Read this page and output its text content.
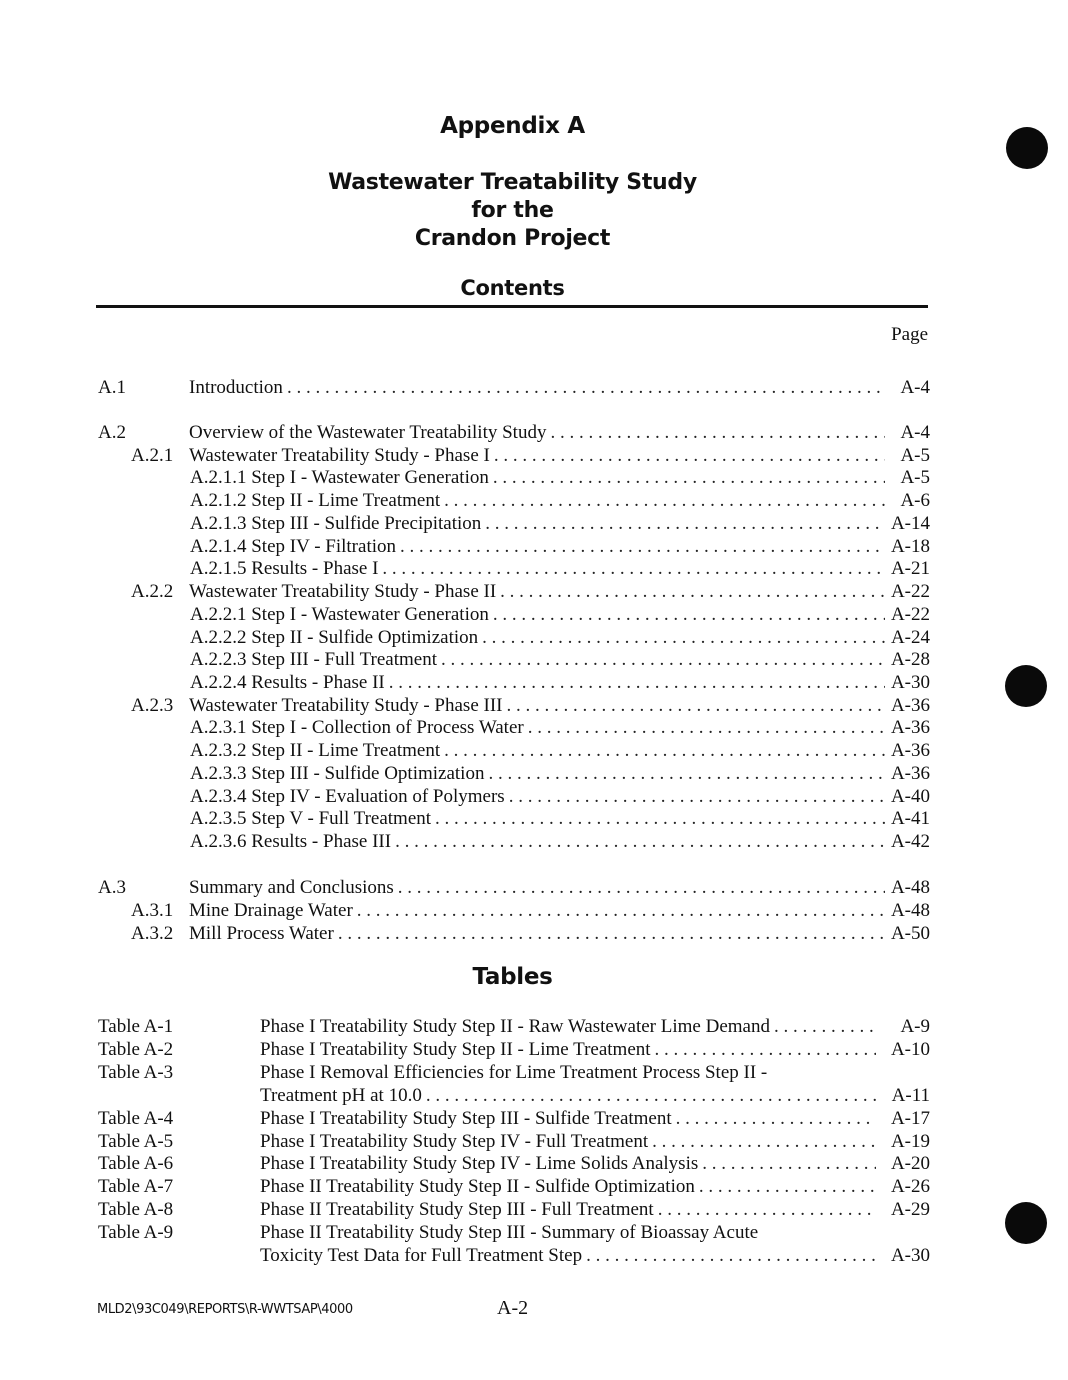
Appendix A
Wastewater Treatability Study
for the
Crandon Project
Contents
Page
A.1	Introduction . . .	A-4
A.2	Overview of the Wastewater Treatability Study . . .	A-4
A.2.1 Wastewater Treatability Study - Phase I . . .	A-5
A.2.1.1 Step I - Wastewater Generation . . .	A-5
A.2.1.2 Step II - Lime Treatment . . .	A-6
A.2.1.3 Step III - Sulfide Precipitation . . .	A-14
A.2.1.4 Step IV - Filtration . . .	A-18
A.2.1.5 Results - Phase I . . .	A-21
A.2.2 Wastewater Treatability Study - Phase II . . .	A-22
A.2.2.1 Step I - Wastewater Generation . . .	A-22
A.2.2.2 Step II - Sulfide Optimization . . .	A-24
A.2.2.3 Step III - Full Treatment . . .	A-28
A.2.2.4 Results - Phase II . . .	A-30
A.2.3 Wastewater Treatability Study - Phase III . . .	A-36
A.2.3.1 Step I - Collection of Process Water . . .	A-36
A.2.3.2 Step II - Lime Treatment . . .	A-36
A.2.3.3 Step III - Sulfide Optimization . . .	A-36
A.2.3.4 Step IV - Evaluation of Polymers . . .	A-40
A.2.3.5 Step V - Full Treatment . . .	A-41
A.2.3.6 Results - Phase III . . .	A-42
A.3	Summary and Conclusions . . .	A-48
A.3.1 Mine Drainage Water . . .	A-48
A.3.2 Mill Process Water . . .	A-50
Tables
Table A-1	Phase I Treatability Study Step II - Raw Wastewater Lime Demand . . .	A-9
Table A-2	Phase I Treatability Study Step II - Lime Treatment . . .	A-10
Table A-3	Phase I Removal Efficiencies for Lime Treatment Process Step II -
Treatment pH at 10.0 . . .	A-11
Table A-4	Phase I Treatability Study Step III - Sulfide Treatment . . .	A-17
Table A-5	Phase I Treatability Study Step IV - Full Treatment . . .	A-19
Table A-6	Phase I Treatability Study Step IV - Lime Solids Analysis . . .	A-20
Table A-7	Phase II Treatability Study Step II - Sulfide Optimization . . .	A-26
Table A-8	Phase II Treatability Study Step III - Full Treatment . . .	A-29
Table A-9	Phase II Treatability Study Step III - Summary of Bioassay Acute
Toxicity Test Data for Full Treatment Step . . .	A-30
MLD2\93C049\REPORTS\R-WWTSAP\4000	A-2
